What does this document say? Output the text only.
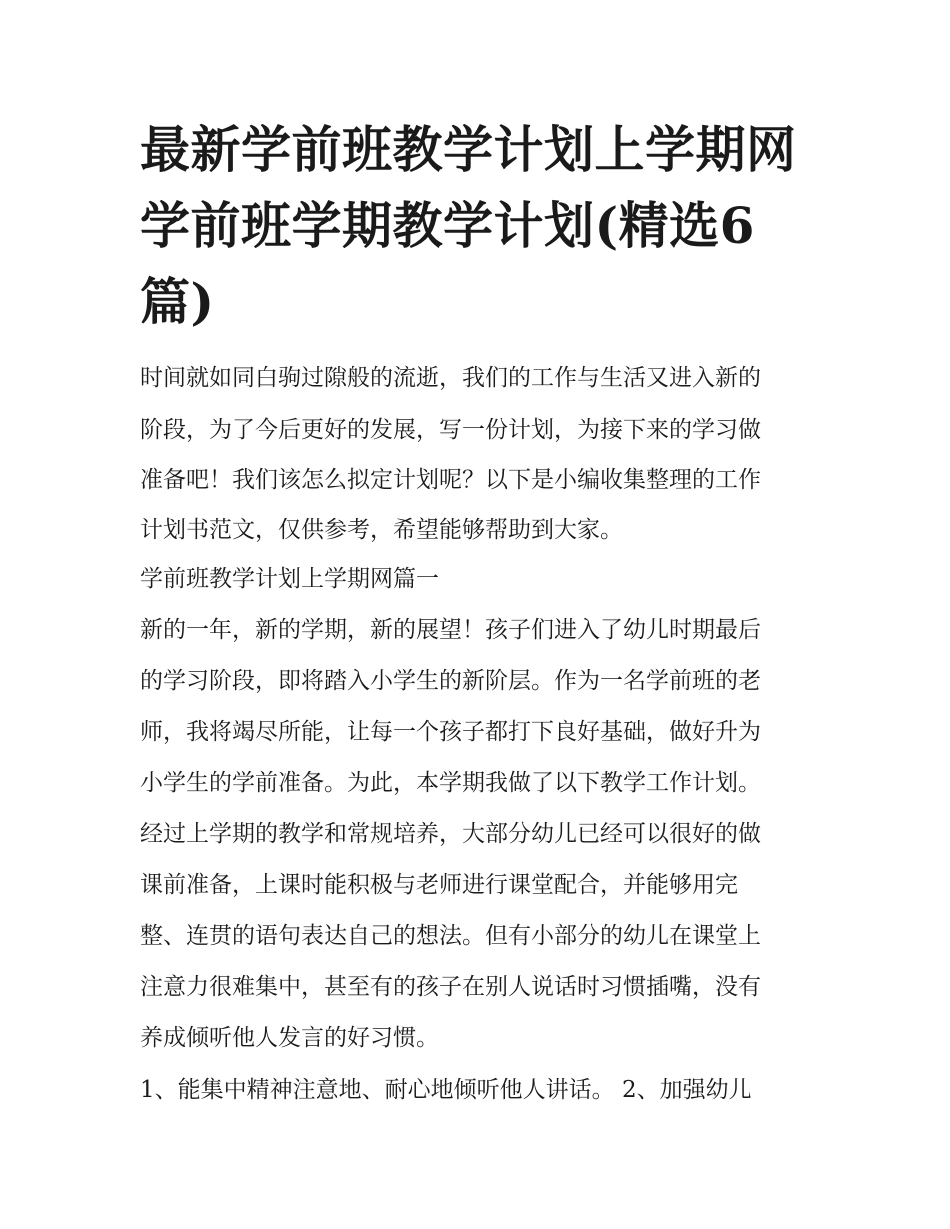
最新学前班教学计划上学期网学前班学期教学计划(精选6篇)

时间就如同白驹过隙般的流逝，我们的工作与生活又进入新的

阶段，为了今后更好的发展，写一份计划，为接下来的学习做

准备吧！我们该怎么拟定计划呢？以下是小编收集整理的工作

计划书范文，仅供参考，希望能够帮助到大家。

学前班教学计划上学期网篇一

新的一年，新的学期，新的展望！孩子们进入了幼儿时期最后

的学习阶段，即将踏入小学生的新阶层。作为一名学前班的老

师，我将竭尽所能，让每一个孩子都打下良好基础，做好升为

小学生的学前准备。为此，本学期我做了以下教学工作计划。

经过上学期的教学和常规培养，大部分幼儿已经可以很好的做

课前准备，上课时能积极与老师进行课堂配合，并能够用完

整、连贯的语句表达自己的想法。但有小部分的幼儿在课堂上

注意力很难集中，甚至有的孩子在别人说话时习惯插嘴，没有

养成倾听他人发言的好习惯。

1、能集中精神注意地、耐心地倾听他人讲话。 2、加强幼儿
